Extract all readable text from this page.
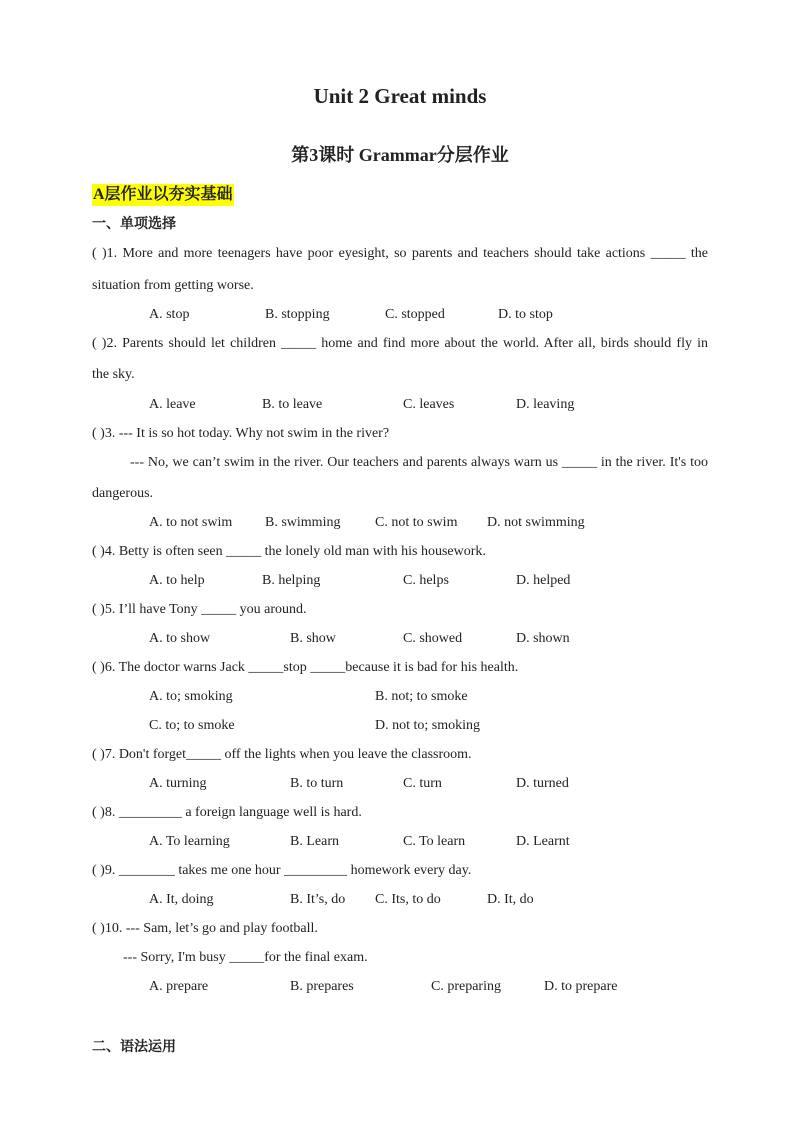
Unit 2 Great minds
第3课时 Grammar分层作业
A层作业以夯实基础
一、单项选择
( )1. More and more teenagers have poor eyesight, so parents and teachers should take actions _____ the
situation from getting worse.
A. stop	B. stopping	C. stopped	D. to stop
( )2. Parents should let children _____ home and find more about the world. After all, birds should fly in
the sky.
A. leave	B. to leave	C. leaves	D. leaving
( )3. --- It is so hot today. Why not swim in the river?
--- No, we can’t swim in the river. Our teachers and parents always warn us _____ in the river. It's too
dangerous.
A. to not swim B. swimming C. not to swim D. not swimming
( )4. Betty is often seen _____ the lonely old man with his housework.
A. to help	B. helping	C. helps	D. helped
( )5. I’ll have Tony _____ you around.
A. to show	B. show	C. showed	D. shown
( )6. The doctor warns Jack _____stop _____because it is bad for his health.
A. to; smoking	B. not; to smoke
C. to; to smoke	D. not to; smoking
( )7. Don't forget_____ off the lights when you leave the classroom.
A. turning	B. to turn	C. turn	D. turned
( )8. _________ a foreign language well is hard.
A. To learning	B. Learn	C. To learn	D. Learnt
( )9. ________ takes me one hour _________ homework every day.
A. It, doing	B. It’s, do C. Its, to do	D. It, do
( )10. --- Sam, let’s go and play football.
--- Sorry, I'm busy _____for the final exam.
A. prepare	B. prepares	C. preparing	D. to prepare
二、语法运用
